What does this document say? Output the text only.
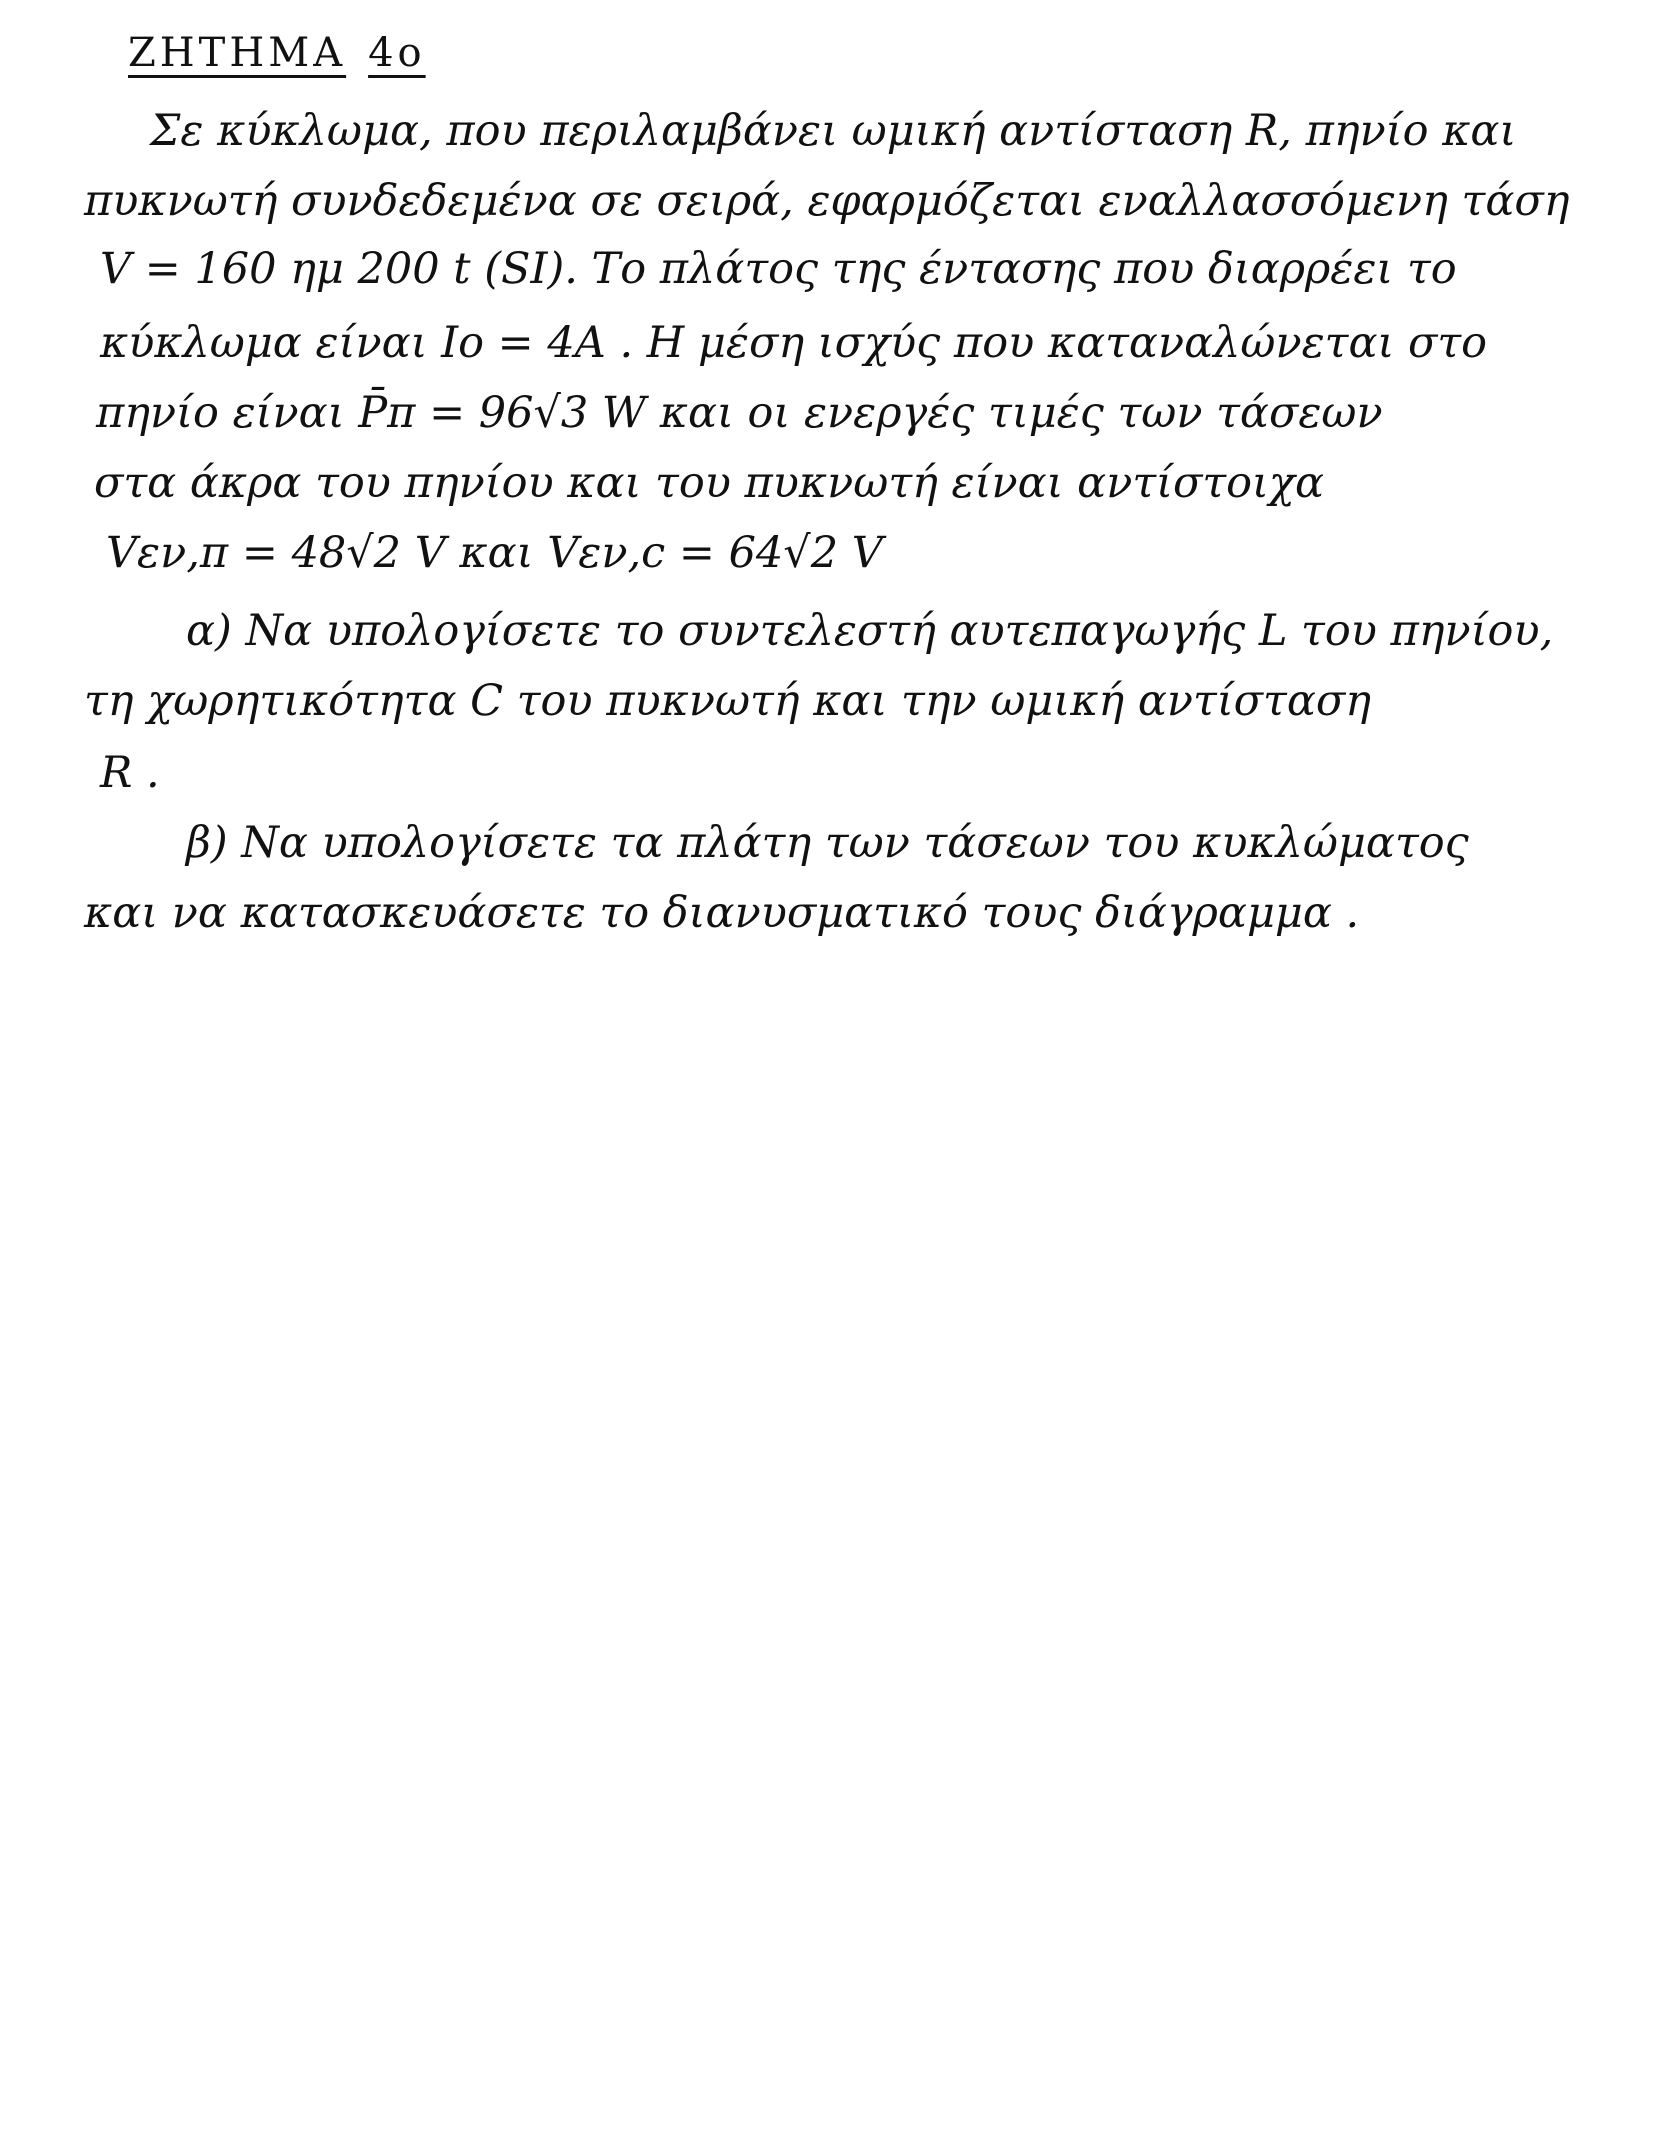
ΖΗΤΗΜΑ 4ο
Σε κύκλωμα, που περιλαμβάνει ωμική αντίσταση R, πηνίο και
πυκνωτή συνδεδεμένα σε σειρά, εφαρμόζεται εναλλασσόμενη τάση
V = 160 ημ 200 t (SI). Το πλάτος της έντασης που διαρρέει το
κύκλωμα είναι Iο = 4A . Η μέση ισχύς που καταναλώνεται στο
πηνίο είναι P̄π = 96√3 W και οι ενεργές τιμές των τάσεων
στα άκρα του πηνίου και του πυκνωτή είναι αντίστοιχα
Vεν,π = 48√2 V και Vεν,c = 64√2 V
α) Να υπολογίσετε το συντελεστή αυτεπαγωγής L του πηνίου,
τη χωρητικότητα C του πυκνωτή και την ωμική αντίσταση
R .
β) Να υπολογίσετε τα πλάτη των τάσεων του κυκλώματος
και να κατασκευάσετε το διανυσματικό τους διάγραμμα .
